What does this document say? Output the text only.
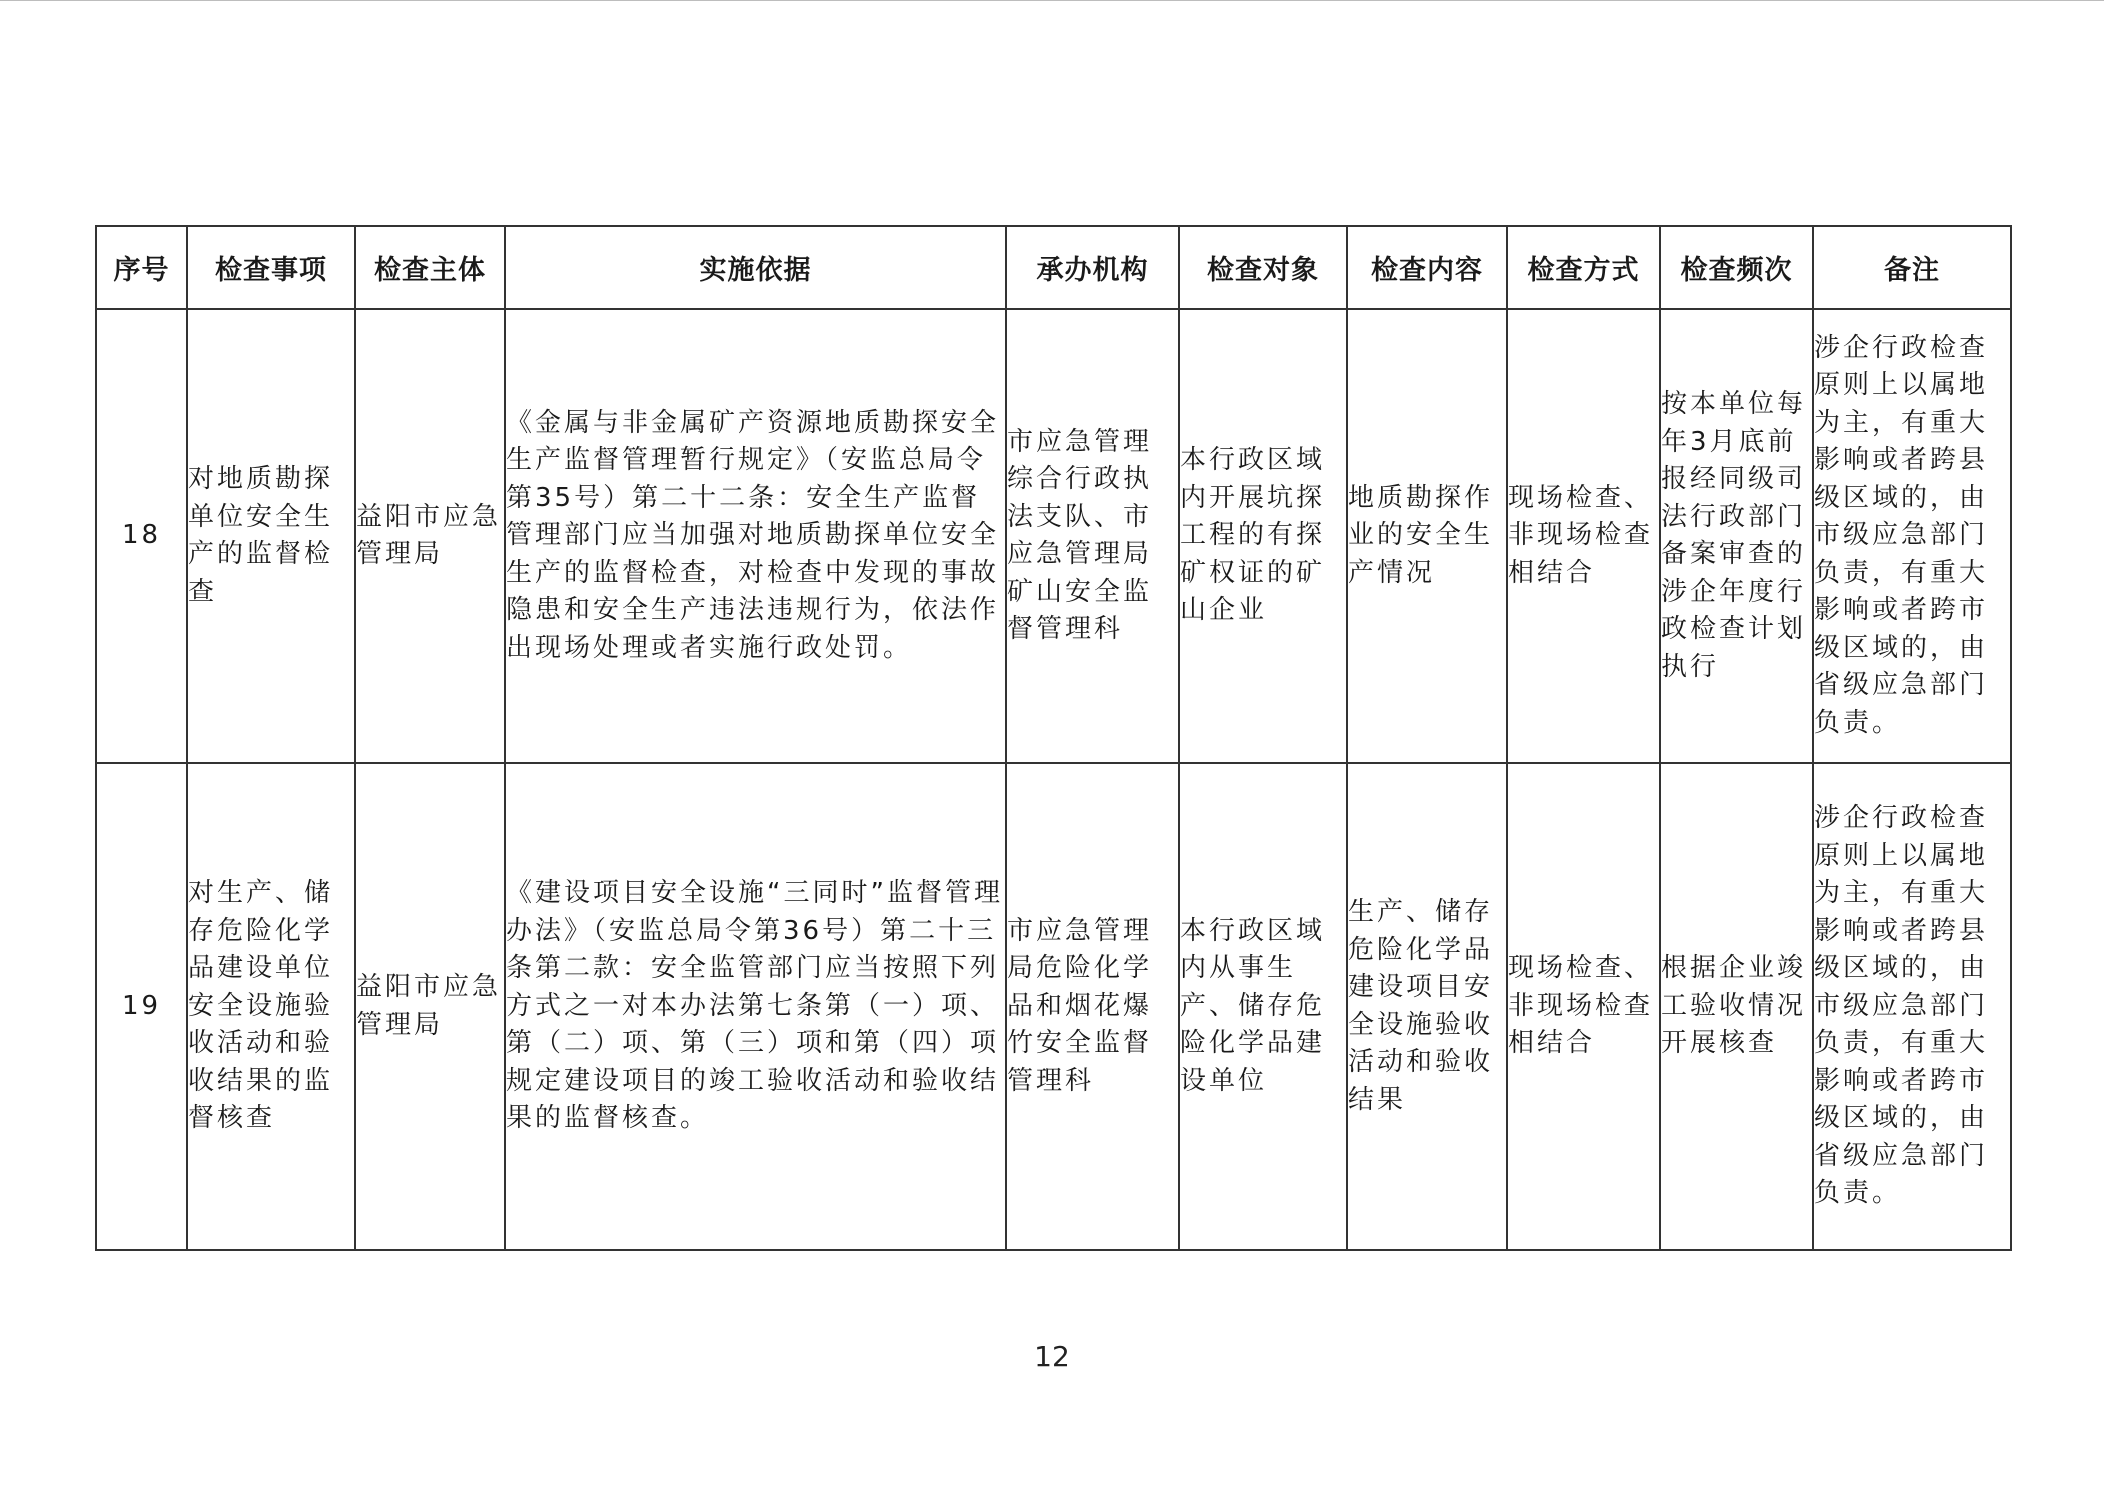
序号	检查事项	检查主体	实施依据	承办机构	检查对象	检查内容	检查方式	检查频次	备注
18	对地质勘探单位安全生产的监督检查	益阳市应急管理局	《金属与非金属矿产资源地质勘探安全生产监督管理暂行规定》（安监总局令第35号）第二十二条：安全生产监督管理部门应当加强对地质勘探单位安全生产的监督检查，对检查中发现的事故隐患和安全生产违法违规行为，依法作出现场处理或者实施行政处罚。	市应急管理综合行政执法支队、市应急管理局矿山安全监督管理科	本行政区域内开展坑探工程的有探矿权证的矿山企业	地质勘探作业的安全生产情况	现场检查、非现场检查相结合	按本单位每年3月底前报经同级司法行政部门备案审查的涉企年度行政检查计划执行	涉企行政检查原则上以属地为主，有重大影响或者跨县级区域的，由市级应急部门负责，有重大影响或者跨市级区域的，由省级应急部门负责。

19	对生产、储存危险化学品建设单位安全设施验收活动和验收结果的监督核查	益阳市应急管理局	《建设项目安全设施“三同时”监督管理办法》（安监总局令第36号）第二十三条第二款：安全监管部门应当按照下列方式之一对本办法第七条第（一）项、第（二）项、第（三）项和第（四）项规定建设项目的竣工验收活动和验收结果的监督核查。	市应急管理局危险化学品和烟花爆竹安全监督管理科	本行政区域内从事生产、储存危险化学品建设单位	生产、储存危险化学品建设项目安全设施验收活动和验收结果	现场检查、非现场检查相结合	根据企业竣工验收情况开展核查	涉企行政检查原则上以属地为主，有重大影响或者跨县级区域的，由市级应急部门负责，有重大影响或者跨市级区域的，由省级应急部门负责。
12
